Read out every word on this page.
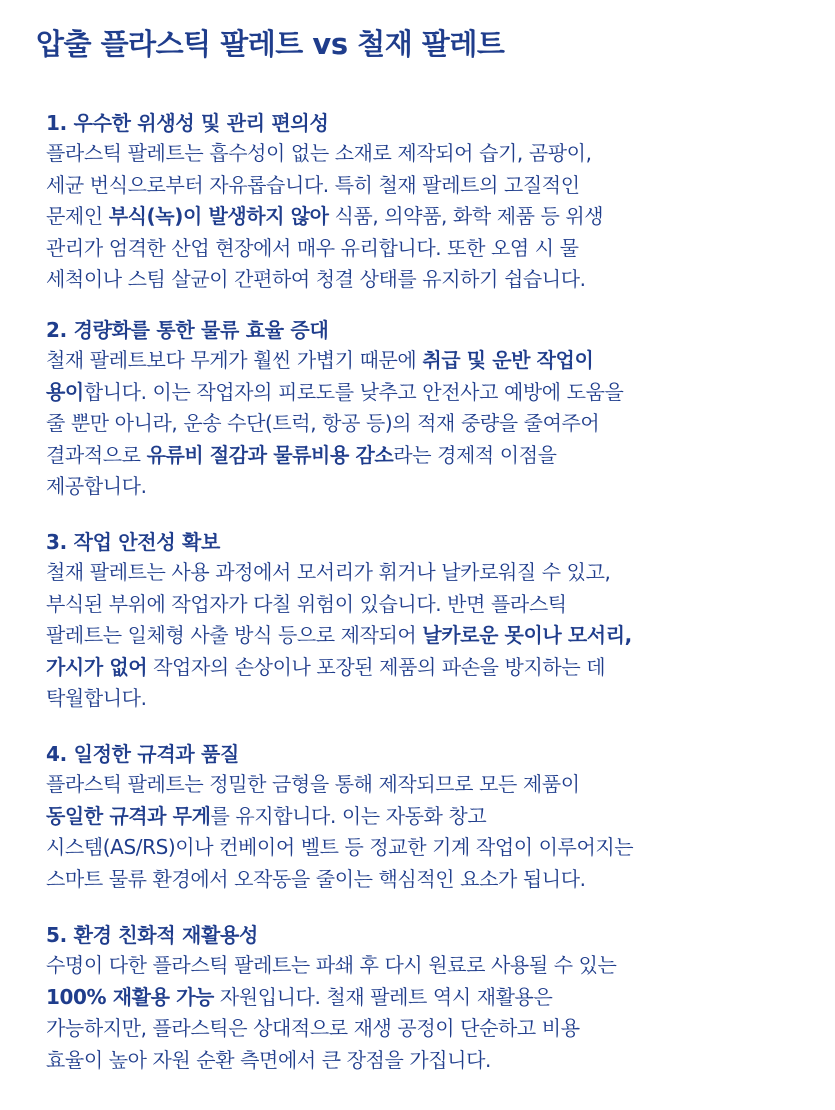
압출 플라스틱 팔레트 vs 철재 팔레트
1. 우수한 위생성 및 관리 편의성

플라스틱 팔레트는 흡수성이 없는 소재로 제작되어 습기, 곰팡이,

세균 번식으로부터 자유롭습니다. 특히 철재 팔레트의 고질적인

문제인 부식(녹)이 발생하지 않아 식품, 의약품, 화학 제품 등 위생

관리가 엄격한 산업 현장에서 매우 유리합니다. 또한 오염 시 물

세척이나 스팀 살균이 간편하여 청결 상태를 유지하기 쉽습니다.

2. 경량화를 통한 물류 효율 증대

철재 팔레트보다 무게가 훨씬 가볍기 때문에 취급 및 운반 작업이

용이합니다. 이는 작업자의 피로도를 낮추고 안전사고 예방에 도움을

줄 뿐만 아니라, 운송 수단(트럭, 항공 등)의 적재 중량을 줄여주어

결과적으로 유류비 절감과 물류비용 감소라는 경제적 이점을

제공합니다.

3. 작업 안전성 확보

철재 팔레트는 사용 과정에서 모서리가 휘거나 날카로워질 수 있고,

부식된 부위에 작업자가 다칠 위험이 있습니다. 반면 플라스틱

팔레트는 일체형 사출 방식 등으로 제작되어 날카로운 못이나 모서리,

가시가 없어 작업자의 손상이나 포장된 제품의 파손을 방지하는 데

탁월합니다.

4. 일정한 규격과 품질

플라스틱 팔레트는 정밀한 금형을 통해 제작되므로 모든 제품이

동일한 규격과 무게를 유지합니다. 이는 자동화 창고

시스템(AS/RS)이나 컨베이어 벨트 등 정교한 기계 작업이 이루어지는

스마트 물류 환경에서 오작동을 줄이는 핵심적인 요소가 됩니다.

5. 환경 친화적 재활용성

수명이 다한 플라스틱 팔레트는 파쇄 후 다시 원료로 사용될 수 있는

100% 재활용 가능 자원입니다. 철재 팔레트 역시 재활용은

가능하지만, 플라스틱은 상대적으로 재생 공정이 단순하고 비용

효율이 높아 자원 순환 측면에서 큰 장점을 가집니다.
